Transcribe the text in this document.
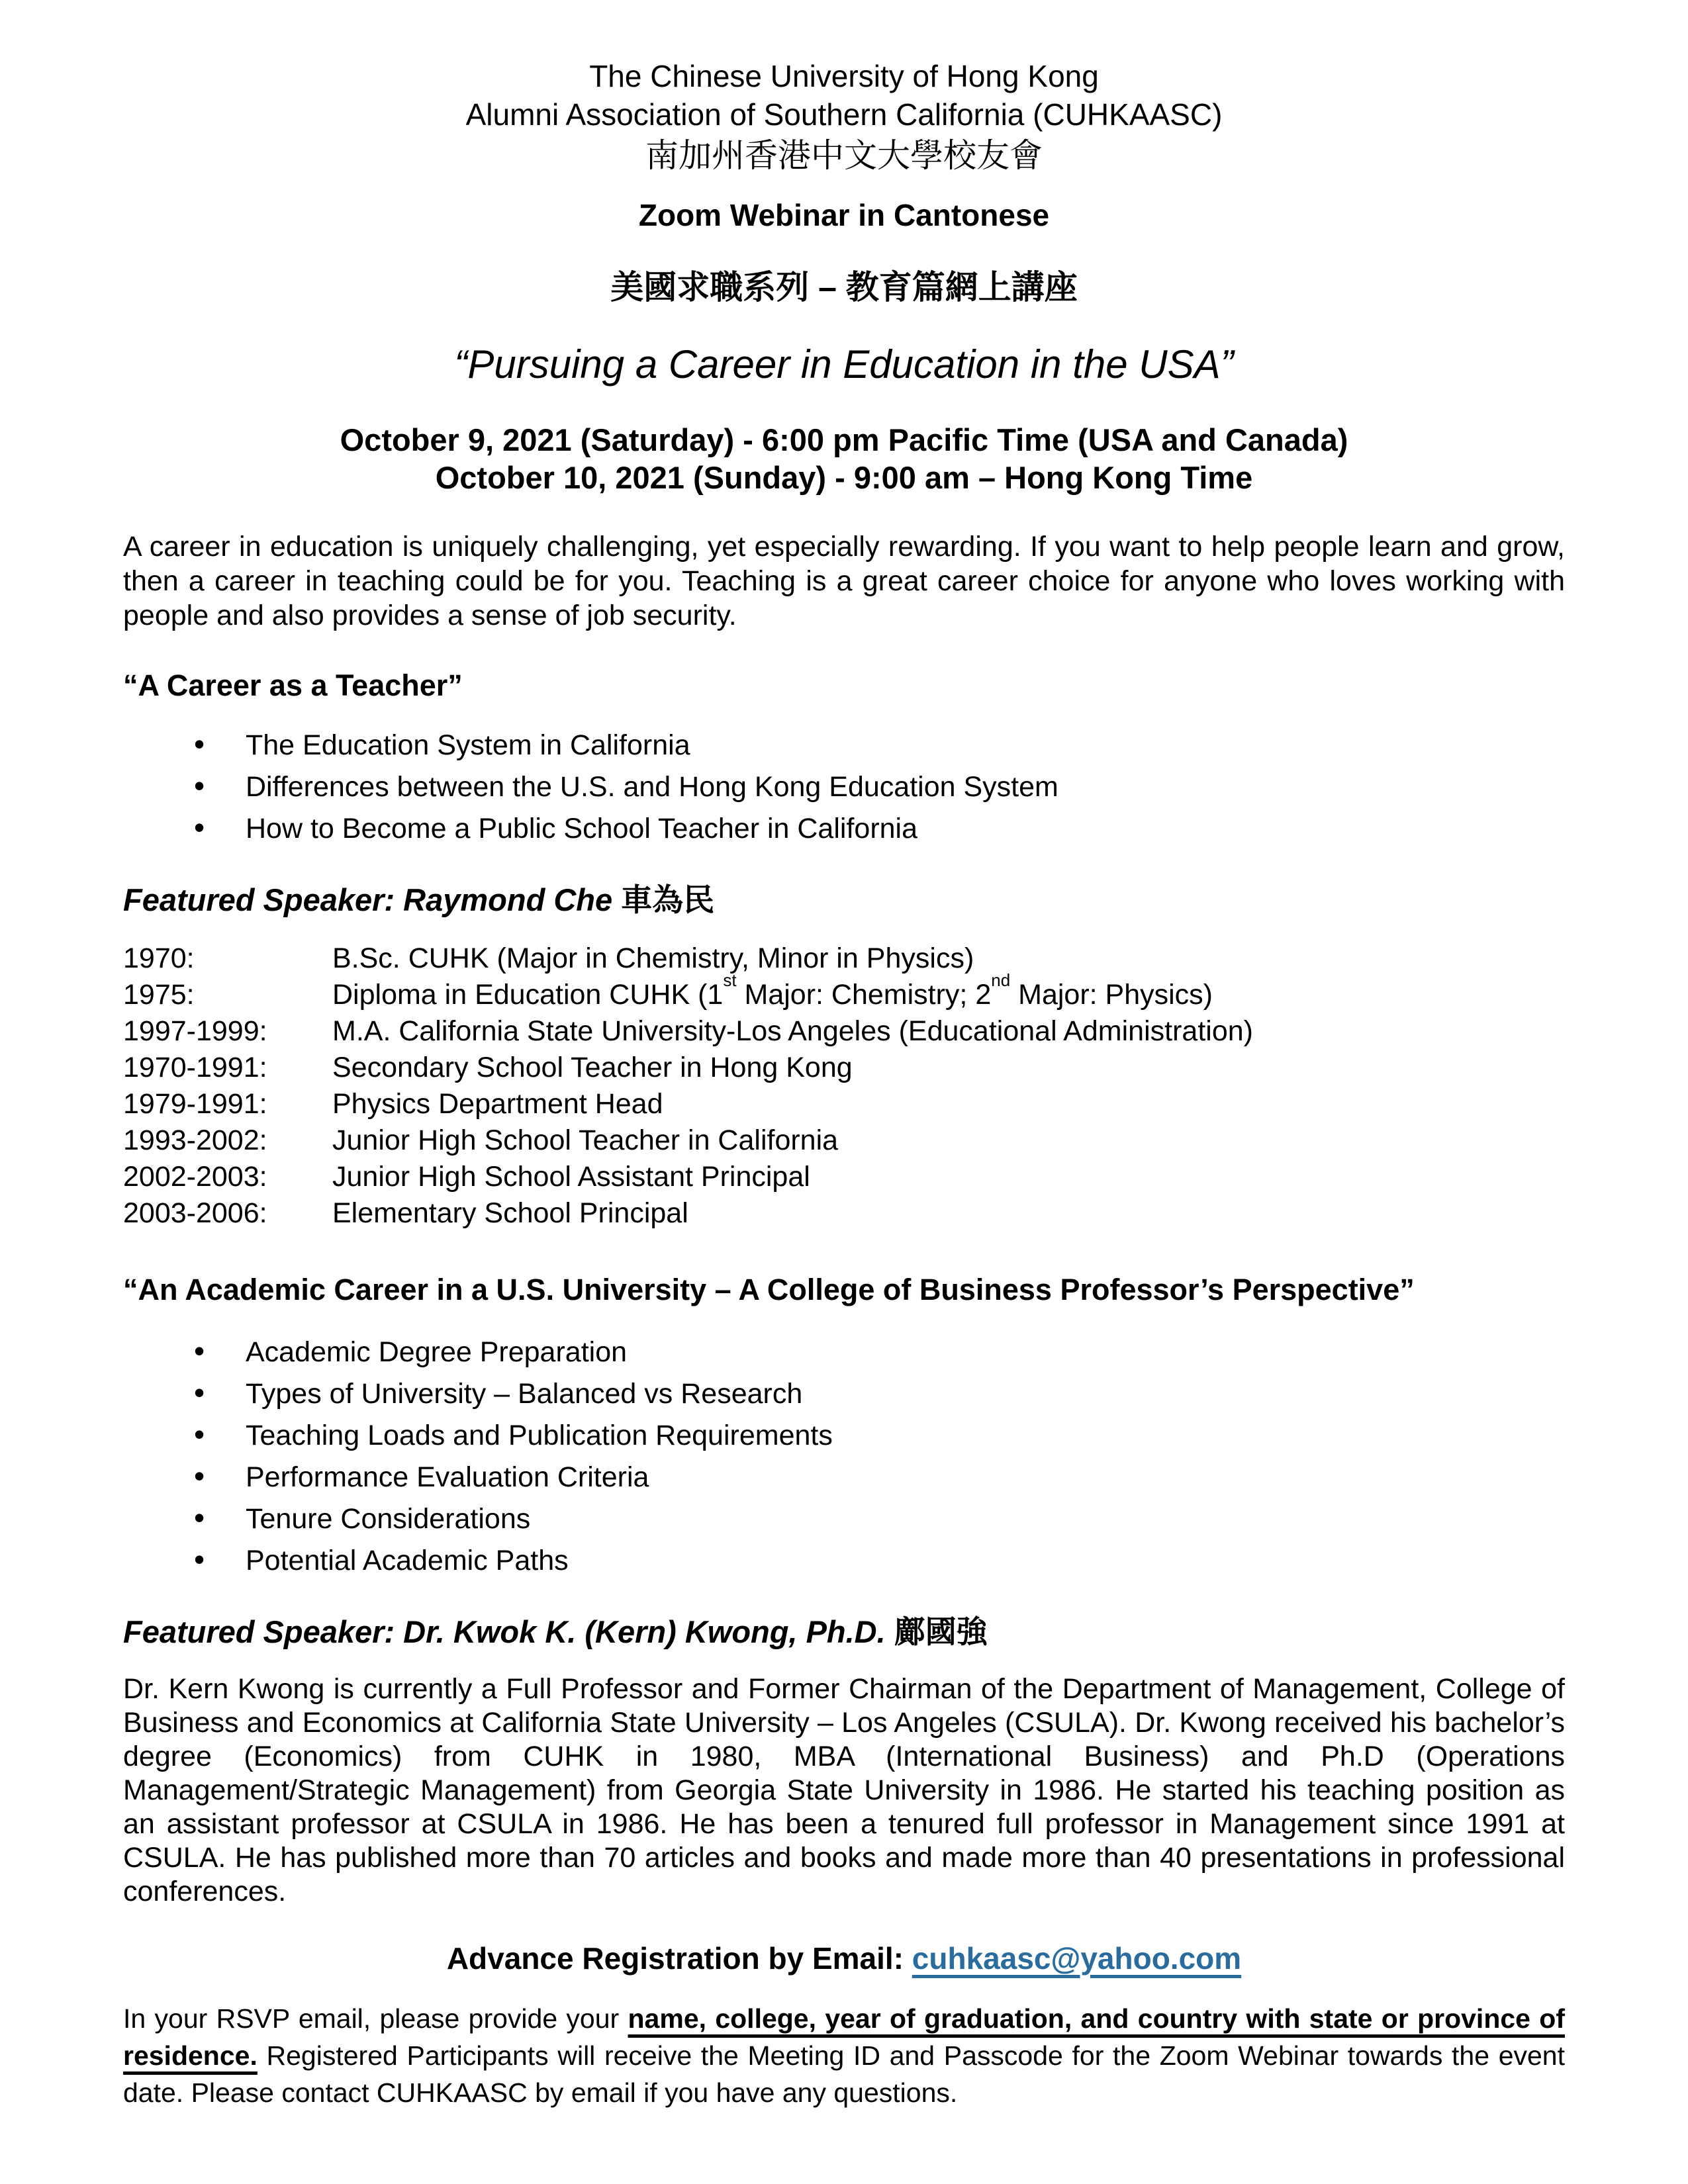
The Chinese University of Hong Kong
Alumni Association of Southern California (CUHKAASC)
南加州香港中文大學校友會
Zoom Webinar in Cantonese
美國求職系列 – 教育篇網上講座
“Pursuing a Career in Education in the USA”
October 9, 2021 (Saturday) - 6:00 pm Pacific Time (USA and Canada)
October 10, 2021 (Sunday) - 9:00 am – Hong Kong Time

A career in education is uniquely challenging, yet especially rewarding. If you want to help people learn and grow, then a career in teaching could be for you. Teaching is a great career choice for anyone who loves working with people and also provides a sense of job security.

“A Career as a Teacher”
• The Education System in California
• Differences between the U.S. and Hong Kong Education System
• How to Become a Public School Teacher in California
Featured Speaker: Raymond Che 車為民
1970:	B.Sc. CUHK (Major in Chemistry, Minor in Physics)
1975:	Diploma in Education CUHK (1st Major: Chemistry; 2nd Major: Physics)
1997-1999:	M.A. California State University-Los Angeles (Educational Administration)
1970-1991:	Secondary School Teacher in Hong Kong
1979-1991:	Physics Department Head
1993-2002:	Junior High School Teacher in California
2002-2003:	Junior High School Assistant Principal
2003-2006:	Elementary School Principal
“An Academic Career in a U.S. University – A College of Business Professor’s Perspective”
• Academic Degree Preparation
• Types of University – Balanced vs Research
• Teaching Loads and Publication Requirements
• Performance Evaluation Criteria
• Tenure Considerations
• Potential Academic Paths
Featured Speaker: Dr. Kwok K. (Kern) Kwong, Ph.D. 鄺國強

Dr. Kern Kwong is currently a Full Professor and Former Chairman of the Department of Management, College of Business and Economics at California State University – Los Angeles (CSULA). Dr. Kwong received his bachelor’s degree (Economics) from CUHK in 1980, MBA (International Business) and Ph.D (Operations Management/Strategic Management) from Georgia State University in 1986. He started his teaching position as an assistant professor at CSULA in 1986. He has been a tenured full professor in Management since 1991 at CSULA. He has published more than 70 articles and books and made more than 40 presentations in professional conferences.

Advance Registration by Email: cuhkaasc@yahoo.com

In your RSVP email, please provide your name, college, year of graduation, and country with state or province of residence. Registered Participants will receive the Meeting ID and Passcode for the Zoom Webinar towards the event date. Please contact CUHKAASC by email if you have any questions.
